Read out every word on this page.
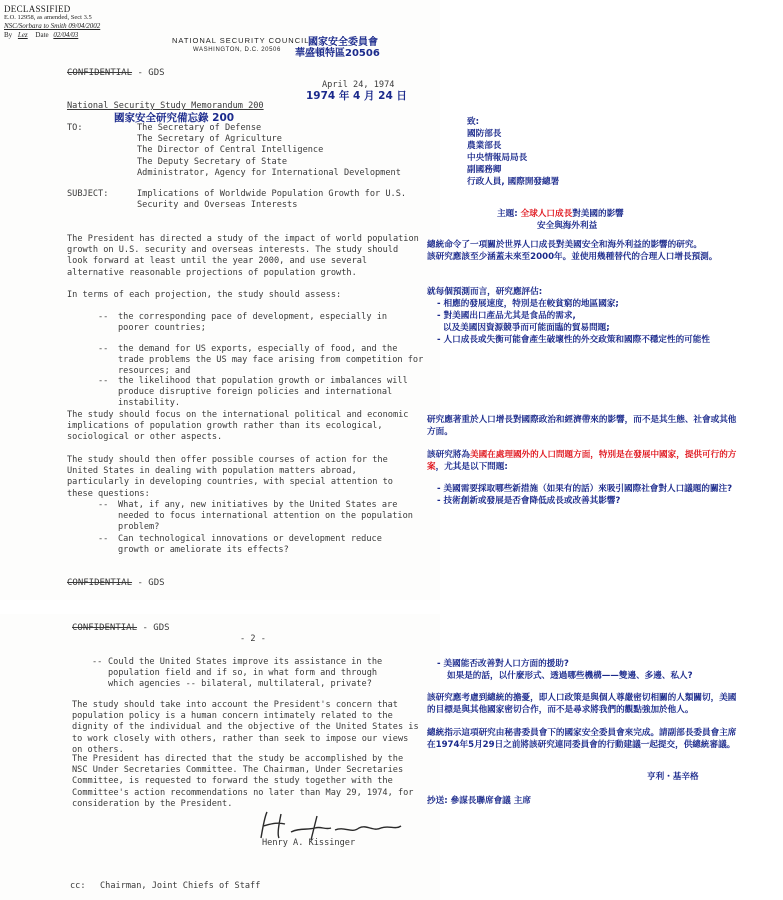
DECLASSIFIED
E.O. 12958, as amended, Sect 3.5
NSC/Sorbara to Smith 09/04/2002
By Lez Date 02/04/03
NATIONAL SECURITY COUNCIL
國家安全委員會
WASHINGTON, D.C. 20506 華盛頓特區20506
CONFIDENTIAL - GDS
April 24, 1974
1974 年 4 月 24 日
National Security Study Memorandum 200
國家安全研究備忘錄 200
TO:	The Secretary of Defense
The Secretary of Agriculture
The Director of Central Intelligence
The Deputy Secretary of State
Administrator, Agency for International Development
SUBJECT:	Implications of Worldwide Population Growth for U.S.
Security and Overseas Interests
The President has directed a study of the impact of world population growth on U.S. security and overseas interests. The study should look forward at least until the year 2000, and use several alternative reasonable projections of population growth.
In terms of each projection, the study should assess:
-- the corresponding pace of development, especially in poorer countries;
-- the demand for US exports, especially of food, and the trade problems the US may face arising from competition for resources; and
-- the likelihood that population growth or imbalances will produce disruptive foreign policies and international instability.
The study should focus on the international political and economic implications of population growth rather than its ecological, sociological or other aspects.
The study should then offer possible courses of action for the United States in dealing with population matters abroad, particularly in developing countries, with special attention to these questions:
-- What, if any, new initiatives by the United States are needed to focus international attention on the population problem?
-- Can technological innovations or development reduce growth or ameliorate its effects?
CONFIDENTIAL - GDS
CONFIDENTIAL - GDS
- 2 -
-- Could the United States improve its assistance in the population field and if so, in what form and through which agencies -- bilateral, multilateral, private?
The study should take into account the President's concern that population policy is a human concern intimately related to the dignity of the individual and the objective of the United States is to work closely with others, rather than seek to impose our views on others.
The President has directed that the study be accomplished by the NSC Under Secretaries Committee. The Chairman, Under Secretaries Committee, is requested to forward the study together with the Committee's action recommendations no later than May 29, 1974, for consideration by the President.
Henry A. Kissinger
cc: Chairman, Joint Chiefs of Staff
致:
國防部長
農業部長
中央情報局局長
副國務卿
行政人員, 國際開發總署
主題: 全球人口成長對美國的影響
安全與海外利益
總統命令了一項關於世界人口成長對美國安全和海外利益的影響的研究。
該研究應該至少涵蓋未來至2000年。並使用幾種替代的合理人口增長預測。
就每個預測而言，研究應評估:
- 相應的發展速度，特別是在較貧窮的地區國家;
- 對美國出口產品尤其是食品的需求,
以及美國因資源競爭而可能面臨的貿易問題;
- 人口成長或失衡可能會產生破壞性的外交政策和國際不穩定性的可能性
研究應著重於人口增長對國際政治和經濟帶來的影響，而不是其生態、社會或其他
方面。
該研究將為美國在處理國外的人口問題方面，特別是在發展中國家，提供可行的方
案，尤其是以下問題:
- 美國需要採取哪些新措施（如果有的話）來吸引國際社會對人口議題的關注?
- 技術創新或發展是否會降低成長或改善其影響?
- 美國能否改善對人口方面的援助?
如果是的話，以什麼形式、透過哪些機構——雙邊、多邊、私人?
該研究應考慮到總統的擔憂，即人口政策是與個人尊嚴密切相關的人類關切，美國
的目標是與其他國家密切合作，而不是尋求將我們的觀點強加於他人。
總統指示這項研究由秘書委員會下的國家安全委員會來完成。請副部長委員會主席
在1974年5月29日之前將該研究連同委員會的行動建議一起提交，供總統審議。
亨利・基辛格
抄送: 參謀長聯席會議 主席
